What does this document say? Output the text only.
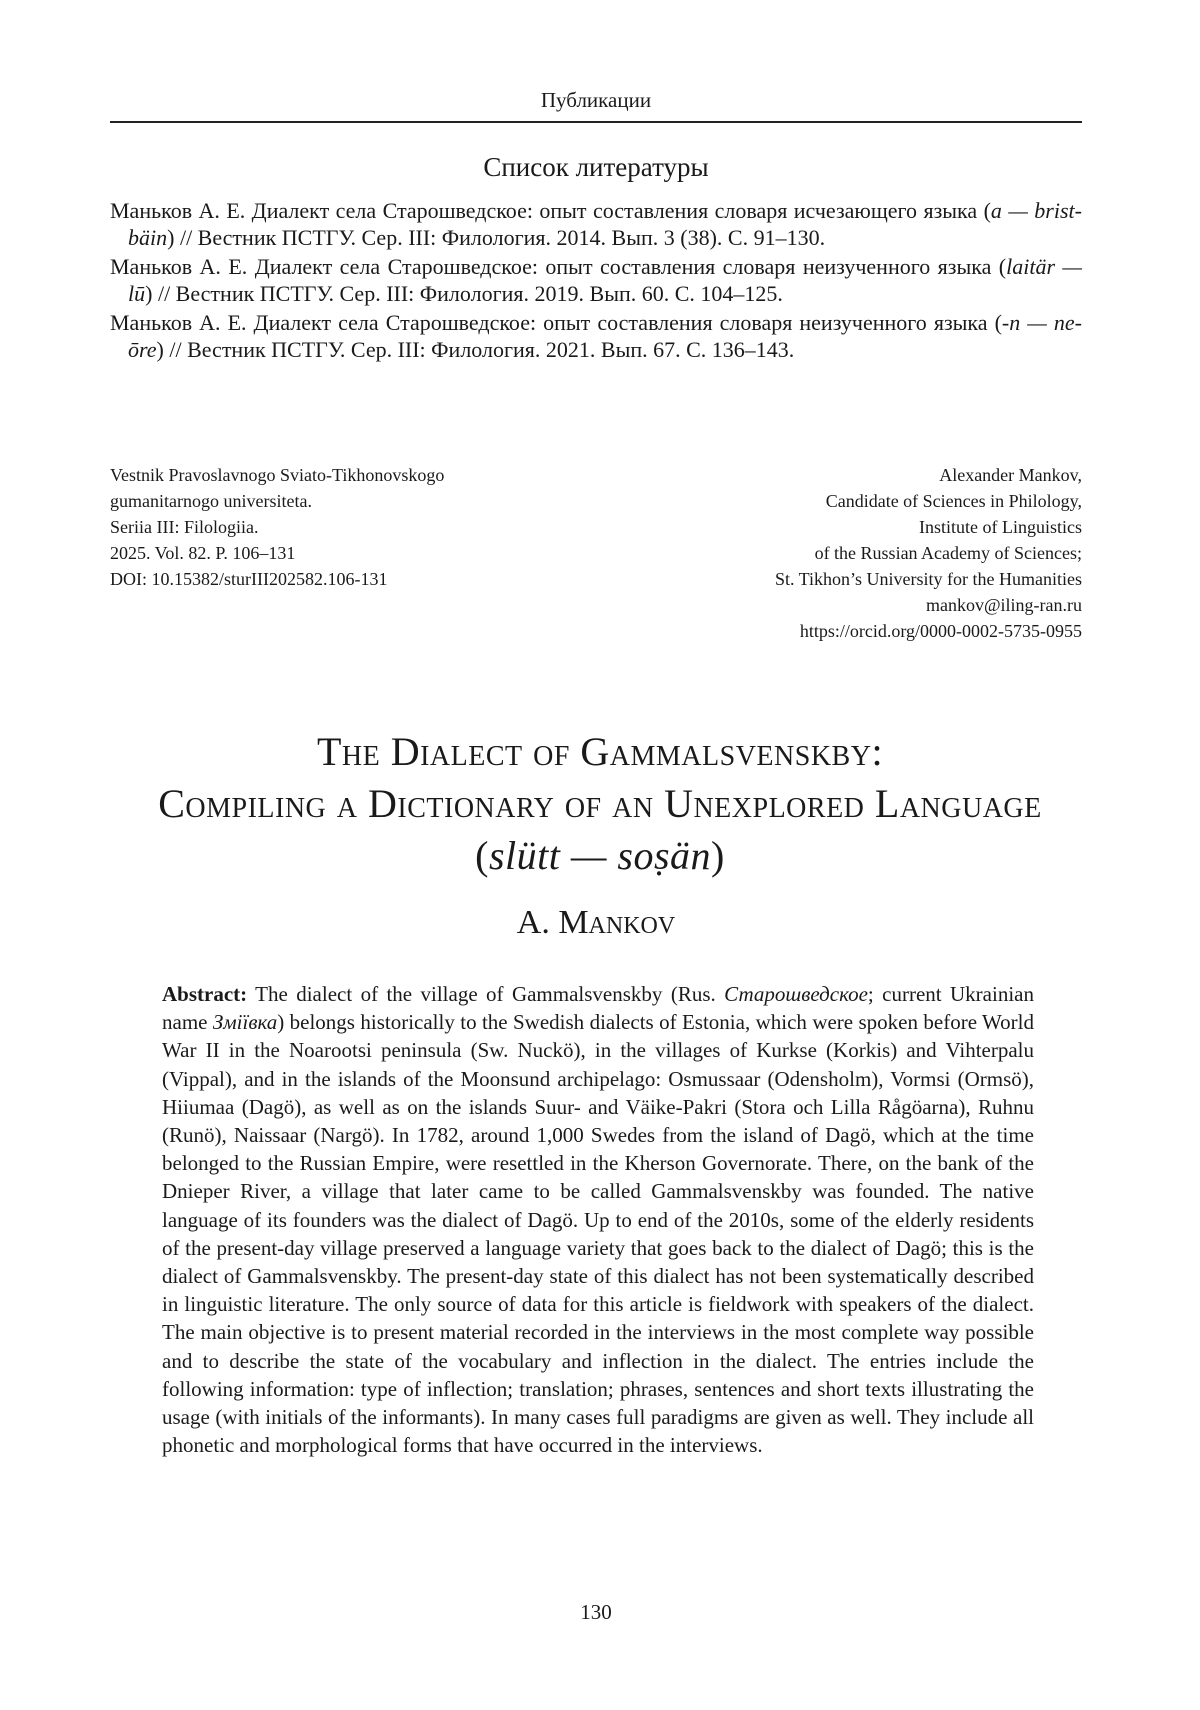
Публикации
Список литературы
Маньков А. Е. Диалект села Старошведское: опыт составления словаря исчезающего языка (a — brist-bäin) // Вестник ПСТГУ. Сер. III: Филология. 2014. Вып. 3 (38). С. 91–130.
Маньков А. Е. Диалект села Старошведское: опыт составления словаря неизученного языка (laitär — lū) // Вестник ПСТГУ. Сер. III: Филология. 2019. Вып. 60. С. 104–125.
Маньков А. Е. Диалект села Старошведское: опыт составления словаря неизученного языка (-n — ne-ōre) // Вестник ПСТГУ. Сер. III: Филология. 2021. Вып. 67. С. 136–143.
Vestnik Pravoslavnogo Sviato-Tikhonovskogo
gumanitarnogo universiteta.
Seriia III: Filologiia.
2025. Vol. 82. P. 106–131
DOI: 10.15382/sturIII202582.106-131
Alexander Mankov,
Candidate of Sciences in Philology,
Institute of Linguistics
of the Russian Academy of Sciences;
St. Tikhon’s University for the Humanities
mankov@iling-ran.ru
https://orcid.org/0000-0002-5735-0955
The Dialect of Gammalsvenskby:
Compiling a Dictionary of an Unexplored Language
(slütt — soṣän)
A. Mankov
Abstract: The dialect of the village of Gammalsvenskby (Rus. Старошведское; current Ukrainian name Змiївка) belongs historically to the Swedish dialects of Estonia, which were spoken before World War II in the Noarootsi peninsula (Sw. Nuckö), in the villages of Kurkse (Korkis) and Vihterpalu (Vippal), and in the islands of the Moonsund archipelago: Osmussaar (Odensholm), Vormsi (Ormsö), Hiiumaa (Dagö), as well as on the islands Suur- and Väike-Pakri (Stora och Lilla Rågöarna), Ruhnu (Runö), Naissaar (Nargö). In 1782, around 1,000 Swedes from the island of Dagö, which at the time belonged to the Russian Empire, were resettled in the Kherson Governorate. There, on the bank of the Dnieper River, a village that later came to be called Gammalsvenskby was founded. The native language of its founders was the dialect of Dagö. Up to end of the 2010s, some of the elderly residents of the present-day village preserved a language variety that goes back to the dialect of Dagö; this is the dialect of Gammalsvenskby. The present-day state of this dialect has not been systematically described in linguistic literature. The only source of data for this article is fieldwork with speakers of the dialect. The main objective is to present material recorded in the interviews in the most complete way possible and to describe the state of the vocabulary and inflection in the dialect. The entries include the following information: type of inflection; translation; phrases, sentences and short texts illustrating the usage (with initials of the informants). In many cases full paradigms are given as well. They include all phonetic and morphological forms that have occurred in the interviews.
130
